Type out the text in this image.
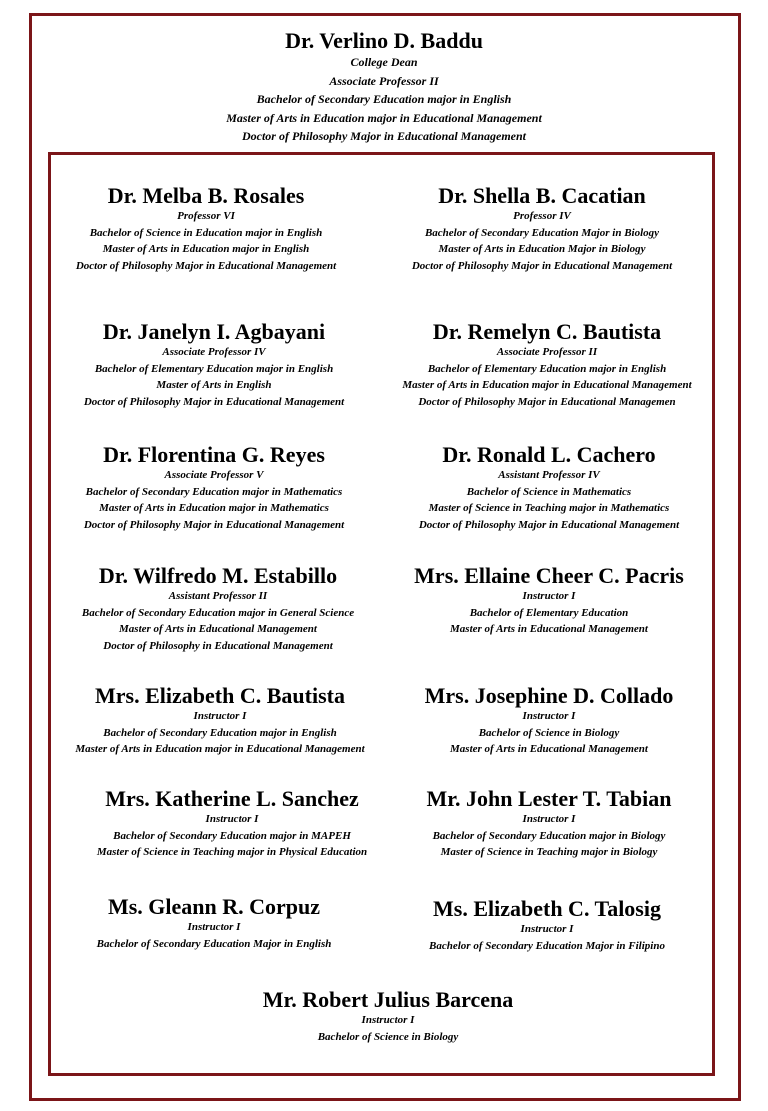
Dr. Verlino D. Baddu
College Dean
Associate Professor II
Bachelor of Secondary Education major in English
Master of Arts in Education major in Educational Management
Doctor of Philosophy Major in Educational Management
Dr. Melba B. Rosales
Professor VI
Bachelor of Science in Education major in English
Master of Arts in Education major in English
Doctor of Philosophy Major in Educational Management
Dr. Shella B. Cacatian
Professor IV
Bachelor of Secondary Education Major in Biology
Master of Arts in Education Major in Biology
Doctor of Philosophy Major in Educational Management
Dr. Janelyn I. Agbayani
Associate Professor IV
Bachelor of Elementary Education major in English
Master of Arts in English
Doctor of Philosophy Major in Educational Management
Dr. Remelyn C. Bautista
Associate Professor II
Bachelor of Elementary Education major in English
Master of Arts in Education major in Educational Management
Doctor of Philosophy Major in Educational Managemen
Dr. Florentina G. Reyes
Associate Professor V
Bachelor of Secondary Education major in Mathematics
Master of Arts in Education major in Mathematics
Doctor of Philosophy Major in Educational Management
Dr. Ronald L. Cachero
Assistant Professor IV
Bachelor of Science in Mathematics
Master of Science in Teaching major in Mathematics
Doctor of Philosophy Major in Educational Management
Dr. Wilfredo M. Estabillo
Assistant Professor II
Bachelor of Secondary Education major in General Science
Master of Arts in Educational Management
Doctor of Philosophy in Educational Management
Mrs. Ellaine Cheer C. Pacris
Instructor I
Bachelor of Elementary Education
Master of Arts in Educational Management
Mrs. Elizabeth C. Bautista
Instructor I
Bachelor of Secondary Education major in English
Master of Arts in Education major in Educational Management
Mrs. Josephine D. Collado
Instructor I
Bachelor of Science in Biology
Master of Arts in Educational Management
Mrs. Katherine L. Sanchez
Instructor I
Bachelor of Secondary Education major in MAPEH
Master of Science in Teaching major in Physical Education
Mr. John Lester T. Tabian
Instructor I
Bachelor of Secondary Education major in Biology
Master of Science in Teaching major in Biology
Ms. Gleann R. Corpuz
Instructor I
Bachelor of Secondary Education Major in English
Ms. Elizabeth C. Talosig
Instructor I
Bachelor of Secondary Education Major in Filipino
Mr. Robert Julius Barcena
Instructor I
Bachelor of Science in Biology
